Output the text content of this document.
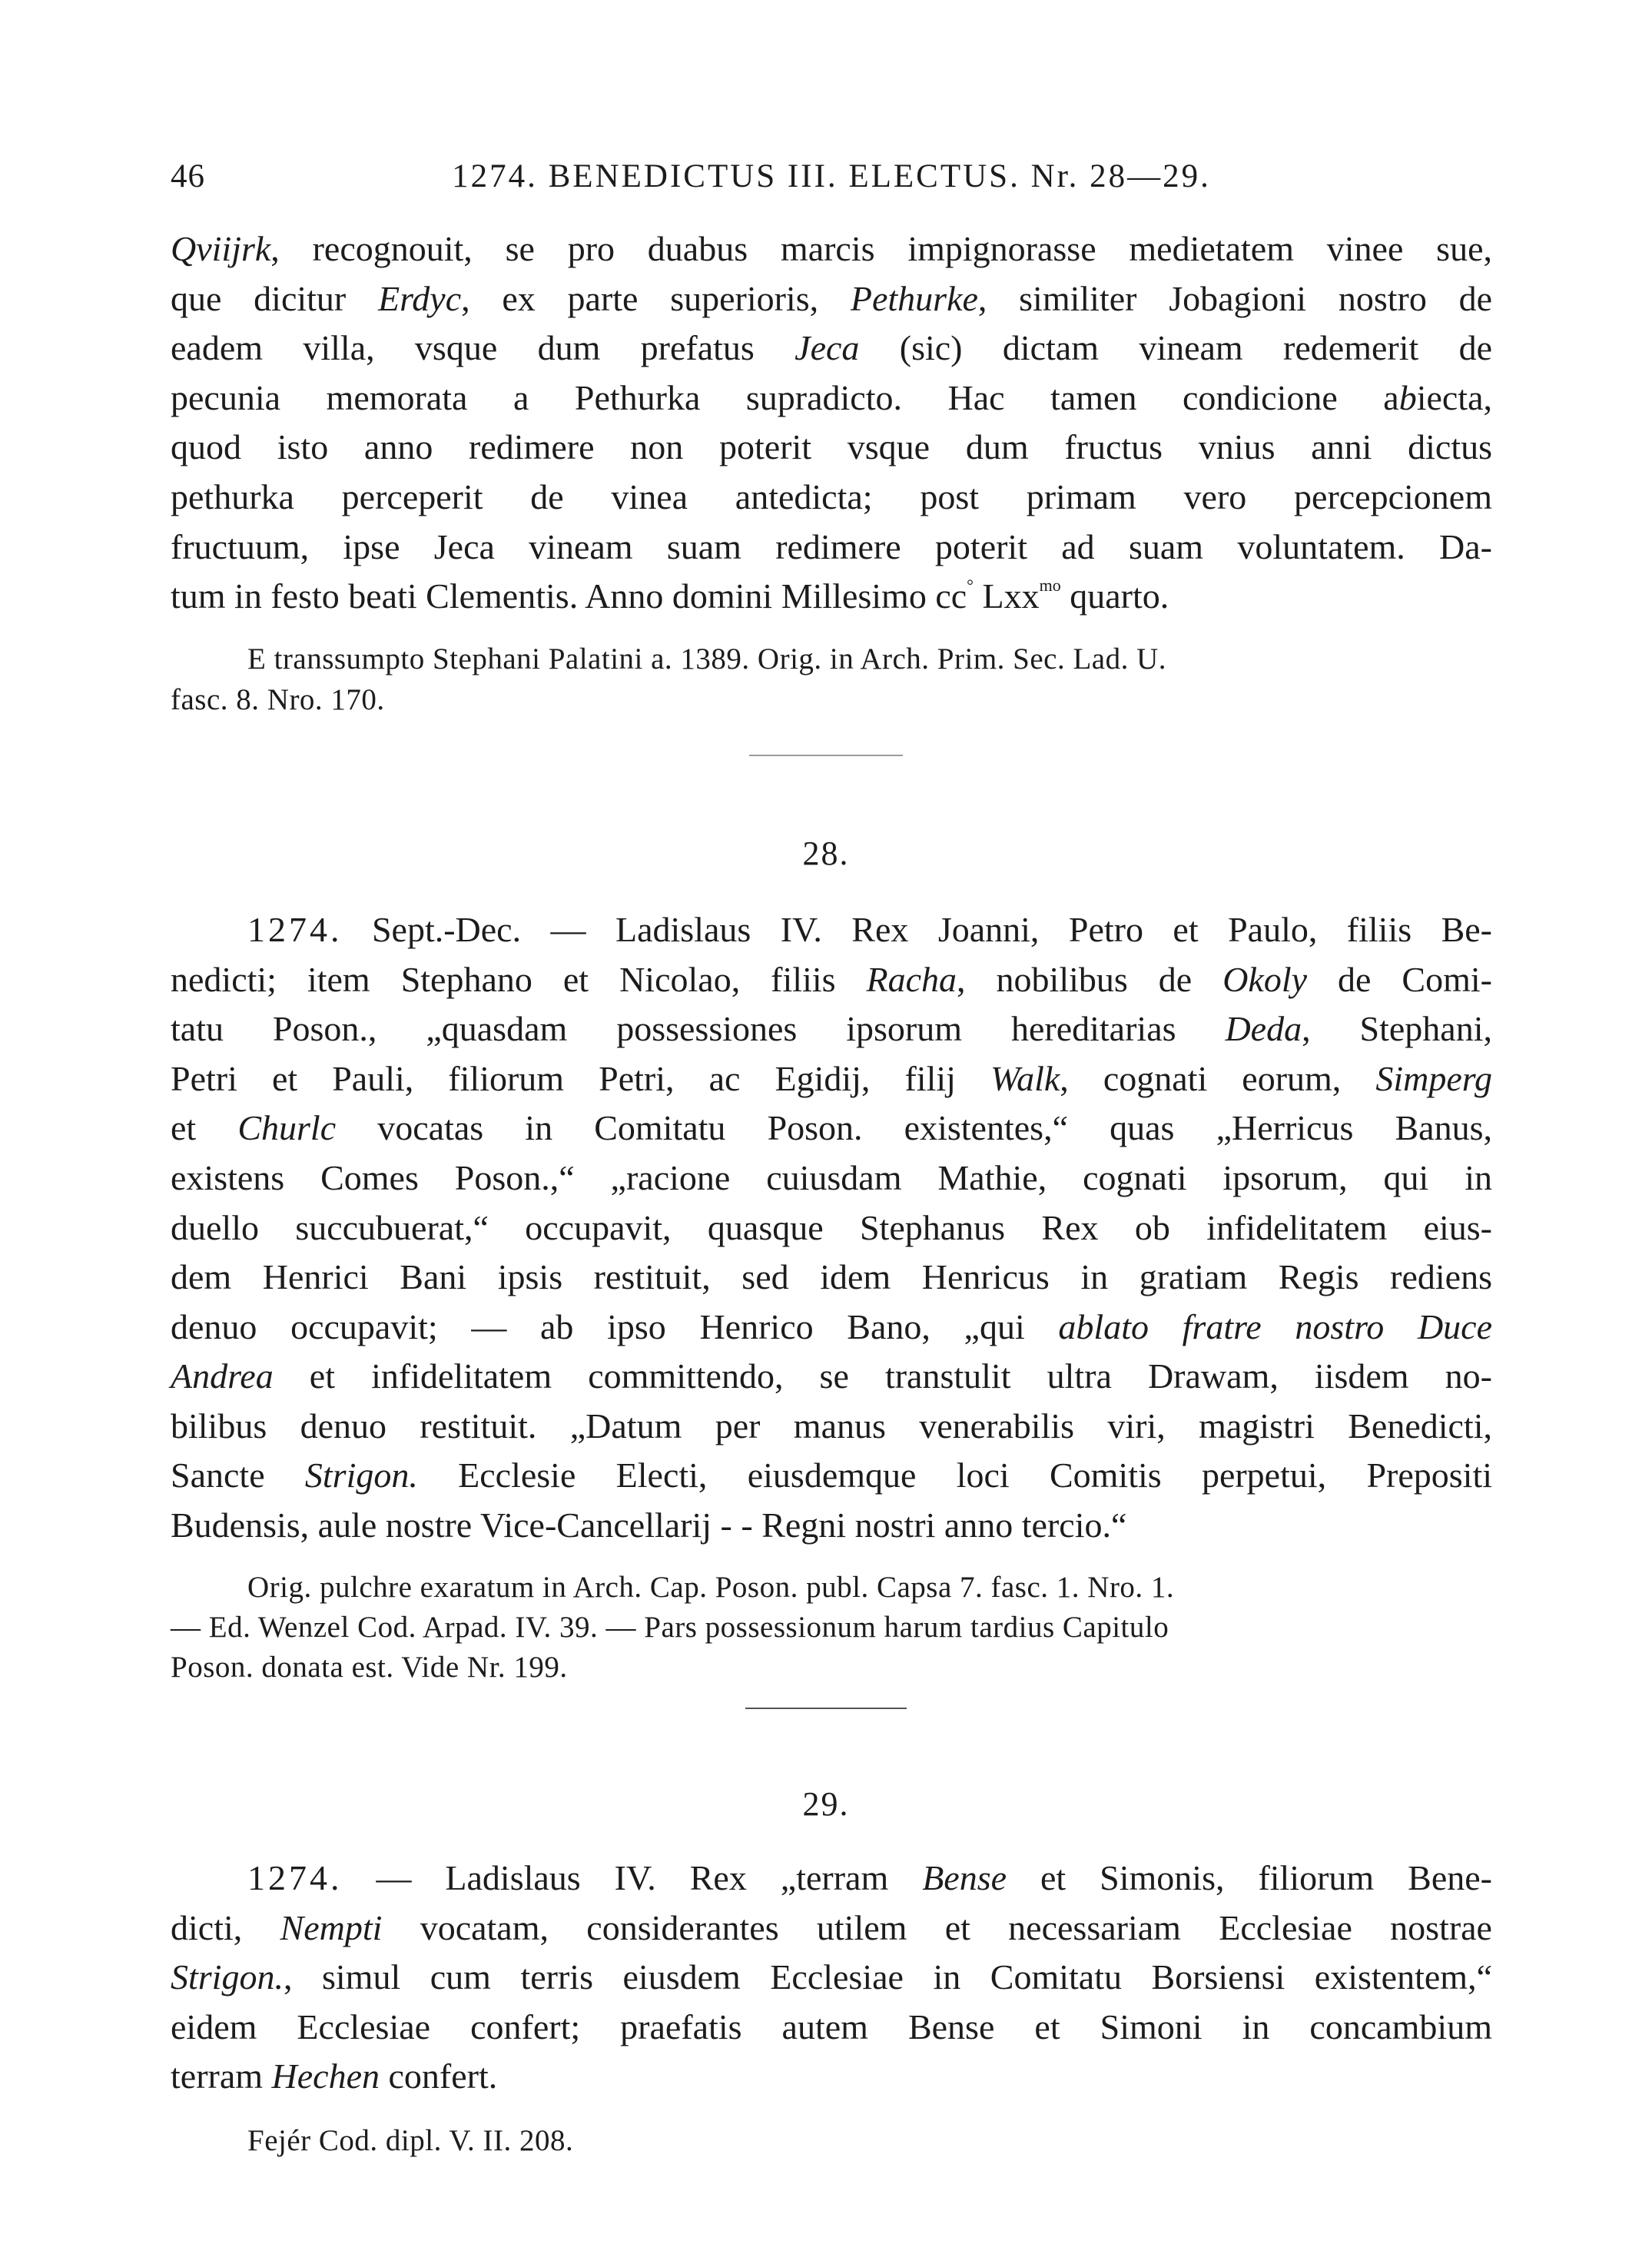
46	1274. BENEDICTUS III. ELECTUS. Nr. 28—29.

Qviijrk, recognouit, se pro duabus marcis impignorasse medietatem vinee sue,

que dicitur Erdyc, ex parte superioris, Pethurke, similiter Jobagioni nostro de

eadem villa, vsque dum prefatus Jeca (sic) dictam vineam redemerit de

pecunia memorata a Pethurka supradicto. Hac tamen condicione abiecta,

quod isto anno redimere non poterit vsque dum fructus vnius anni dictus

pethurka perceperit de vinea antedicta; post primam vero percepcionem

fructuum, ipse Jeca vineam suam redimere poterit ad suam voluntatem. Da-

tum in festo beati Clementis. Anno domini Millesimo cc° Lxx$^{mo}$ quarto.

E transsumpto Stephani Palatini a. 1389. Orig. in Arch. Prim. Sec. Lad. U.

fasc. 8. Nro. 170.

28.

1274. Sept.-Dec. — Ladislaus IV. Rex Joanni, Petro et Paulo, filiis Be-

nedicti; item Stephano et Nicolao, filiis Racha, nobilibus de Okoly de Comi-

tatu Poson., „quasdam possessiones ipsorum hereditarias Deda, Stephani,

Petri et Pauli, filiorum Petri, ac Egidij, filij Walk, cognati eorum, Simperg

et Churlc vocatas in Comitatu Poson. existentes,“ quas „Herricus Banus,

existens Comes Poson.,“ „racione cuiusdam Mathie, cognati ipsorum, qui in

duello succubuerat,“ occupavit, quasque Stephanus Rex ob infidelitatem eius-

dem Henrici Bani ipsis restituit, sed idem Henricus in gratiam Regis rediens

denuo occupavit; — ab ipso Henrico Bano, „qui ablato fratre nostro Duce

Andrea et infidelitatem committendo, se transtulit ultra Drawam, iisdem no-

bilibus denuo restituit. „Datum per manus venerabilis viri, magistri Benedicti,

Sancte Strigon. Ecclesie Electi, eiusdemque loci Comitis perpetui, Prepositi

Budensis, aule nostre Vice-Cancellarij - - Regni nostri anno tercio.“

Orig. pulchre exaratum in Arch. Cap. Poson. publ. Capsa 7. fasc. 1. Nro. 1.

— Ed. Wenzel Cod. Arpad. IV. 39. — Pars possessionum harum tardius Capitulo

Poson. donata est. Vide Nr. 199.

29.

1274. — Ladislaus IV. Rex „terram Bense et Simonis, filiorum Bene-

dicti, Nempti vocatam, considerantes utilem et necessariam Ecclesiae nostrae

Strigon., simul cum terris eiusdem Ecclesiae in Comitatu Borsiensi existentem,“

eidem Ecclesiae confert; praefatis autem Bense et Simoni in concambium

terram Hechen confert.

Fejér Cod. dipl. V. II. 208.
